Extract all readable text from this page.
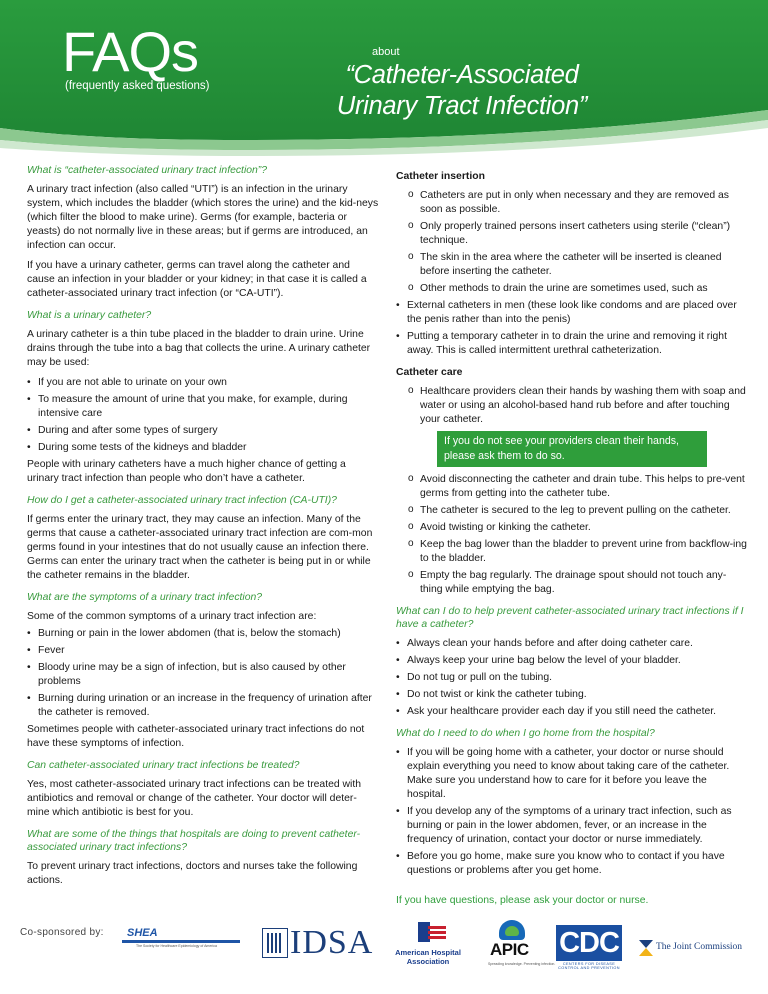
FAQs
(frequently asked questions)
about
“Catheter-Associated
Urinary Tract Infection”
What is “catheter-associated urinary tract infection”?

A urinary tract infection (also called “UTI”) is an infection in the urinary system, which includes the bladder (which stores the urine) and the kid-neys (which filter the blood to make urine). Germs (for example, bacteria or yeasts) do not normally live in these areas; but if germs are introduced, an infection can occur.

If you have a urinary catheter, germs can travel along the catheter and cause an infection in your bladder or your kidney; in that case it is called a catheter-associated urinary tract infection (or “CA-UTI”).

What is a urinary catheter?

A urinary catheter is a thin tube placed in the bladder to drain urine. Urine drains through the tube into a bag that collects the urine. A urinary catheter may be used:

• If you are not able to urinate on your own
• To measure the amount of urine that you make, for example, during intensive care
• During and after some types of surgery
• During some tests of the kidneys and bladder

People with urinary catheters have a much higher chance of getting a urinary tract infection than people who don’t have a catheter.

How do I get a catheter-associated urinary tract infection (CA-UTI)?

If germs enter the urinary tract, they may cause an infection. Many of the germs that cause a catheter-associated urinary tract infection are com-mon germs found in your intestines that do not usually cause an infection there. Germs can enter the urinary tract when the catheter is being put in or while the catheter remains in the bladder.

What are the symptoms of a urinary tract infection?

Some of the common symptoms of a urinary tract infection are:

• Burning or pain in the lower abdomen (that is, below the stomach)
• Fever
• Bloody urine may be a sign of infection, but is also caused by other problems
• Burning during urination or an increase in the frequency of urination after the catheter is removed.

Sometimes people with catheter-associated urinary tract infections do not have these symptoms of infection.

Can catheter-associated urinary tract infections be treated?

Yes, most catheter-associated urinary tract infections can be treated with antibiotics and removal or change of the catheter. Your doctor will deter-mine which antibiotic is best for you.

What are some of the things that hospitals are doing to prevent catheter-associated urinary tract infections?

To prevent urinary tract infections, doctors and nurses take the following actions.

Catheter insertion
o Catheters are put in only when necessary and they are removed as soon as possible.
o Only properly trained persons insert catheters using sterile (“clean”) technique.
o The skin in the area where the catheter will be inserted is cleaned before inserting the catheter.
o Other methods to drain the urine are sometimes used, such as
• External catheters in men (these look like condoms and are placed over the penis rather than into the penis)
• Putting a temporary catheter in to drain the urine and removing it right away. This is called intermittent urethral catheterization.
Catheter care
o Healthcare providers clean their hands by washing them with soap and water or using an alcohol-based hand rub before and after touching your catheter.
If you do not see your providers clean their hands, please ask them to do so.
o Avoid disconnecting the catheter and drain tube. This helps to pre-vent germs from getting into the catheter tube.
o The catheter is secured to the leg to prevent pulling on the catheter.
o Avoid twisting or kinking the catheter.
o Keep the bag lower than the bladder to prevent urine from backflow-ing to the bladder.
o Empty the bag regularly. The drainage spout should not touch any-thing while emptying the bag.
What can I do to help prevent catheter-associated urinary tract infections if I have a catheter?
• Always clean your hands before and after doing catheter care.
• Always keep your urine bag below the level of your bladder.
• Do not tug or pull on the tubing.
• Do not twist or kink the catheter tubing.
• Ask your healthcare provider each day if you still need the catheter.
What do I need to do when I go home from the hospital?
• If you will be going home with a catheter, your doctor or nurse should explain everything you need to know about taking care of the catheter. Make sure you understand how to care for it before you leave the hospital.
• If you develop any of the symptoms of a urinary tract infection, such as burning or pain in the lower abdomen, fever, or an increase in the frequency of urination, contact your doctor or nurse immediately.
• Before you go home, make sure you know who to contact if you have questions or problems after you get home.
If you have questions, please ask your doctor or nurse.
Co-sponsored by: SHEA
The Society for Healthcare Epidemiology of America IDSA	American Hospital
Association
APIC
Spreading knowledge. Preventing infection.
CDC
CENTERS FOR DISEASE CONTROL AND PREVENTION
The Joint Commission
